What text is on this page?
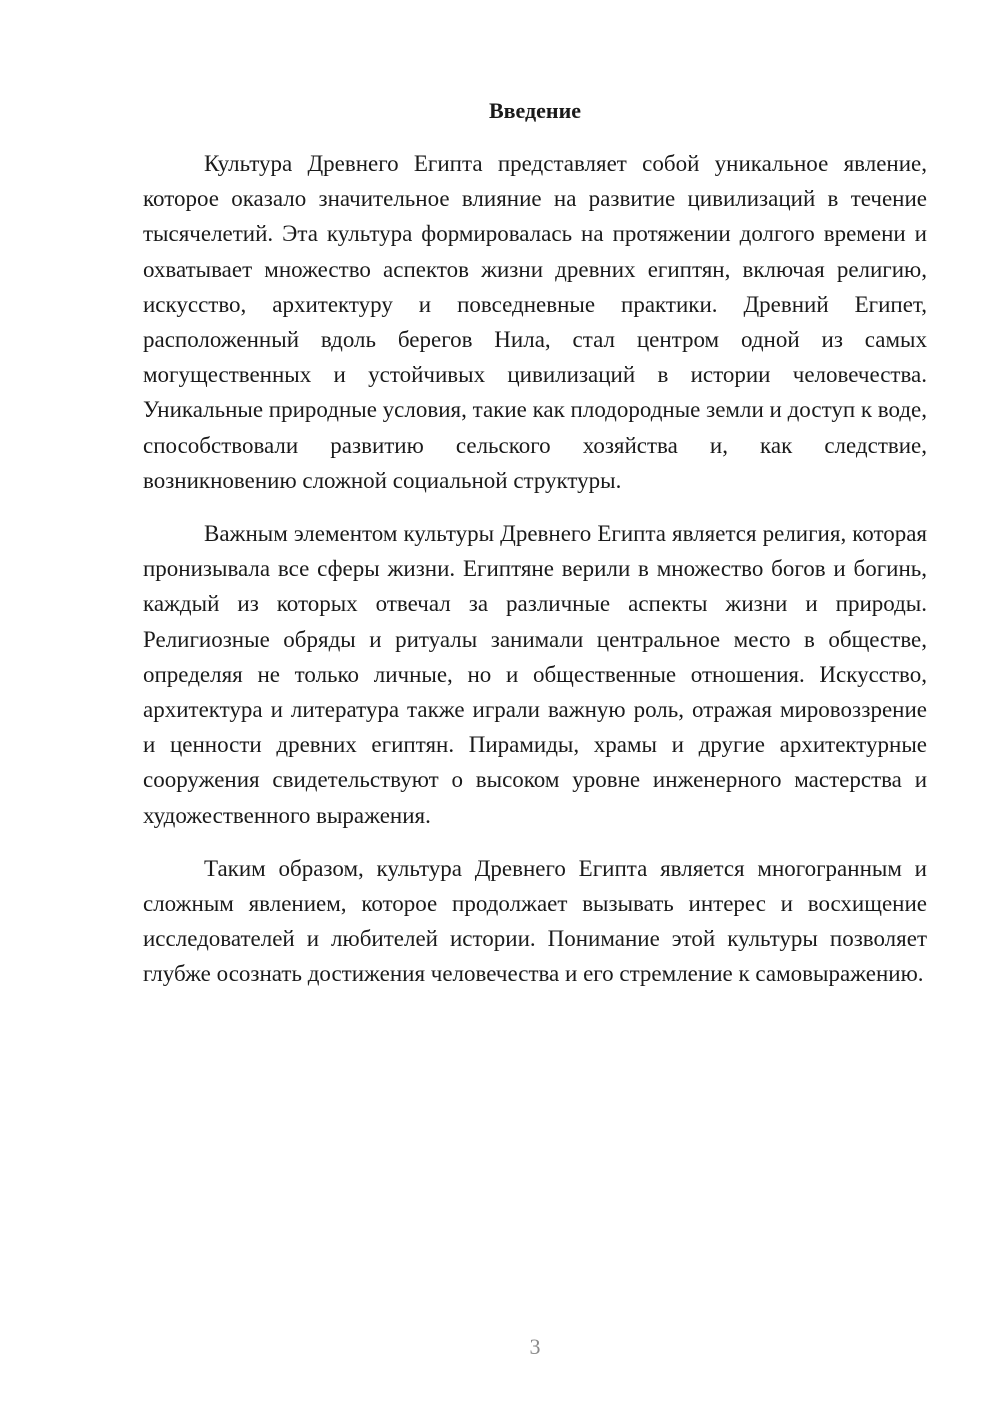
Введение

Культура Древнего Египта представляет собой уникальное явление, которое оказало значительное влияние на развитие цивилизаций в течение тысячелетий. Эта культура формировалась на протяжении долгого времени и охватывает множество аспектов жизни древних египтян, включая религию, искусство, архитектуру и повседневные практики. Древний Египет, расположенный вдоль берегов Нила, стал центром одной из самых могущественных и устойчивых цивилизаций в истории человечества. Уникальные природные условия, такие как плодородные земли и доступ к воде, способствовали развитию сельского хозяйства и, как следствие, возникновению сложной социальной структуры.

Важным элементом культуры Древнего Египта является религия, которая пронизывала все сферы жизни. Египтяне верили в множество богов и богинь, каждый из которых отвечал за различные аспекты жизни и природы. Религиозные обряды и ритуалы занимали центральное место в обществе, определяя не только личные, но и общественные отношения. Искусство, архитектура и литература также играли важную роль, отражая мировоззрение и ценности древних египтян. Пирамиды, храмы и другие архитектурные сооружения свидетельствуют о высоком уровне инженерного мастерства и художественного выражения.

Таким образом, культура Древнего Египта является многогранным и сложным явлением, которое продолжает вызывать интерес и восхищение исследователей и любителей истории. Понимание этой культуры позволяет глубже осознать достижения человечества и его стремление к самовыражению.

3
